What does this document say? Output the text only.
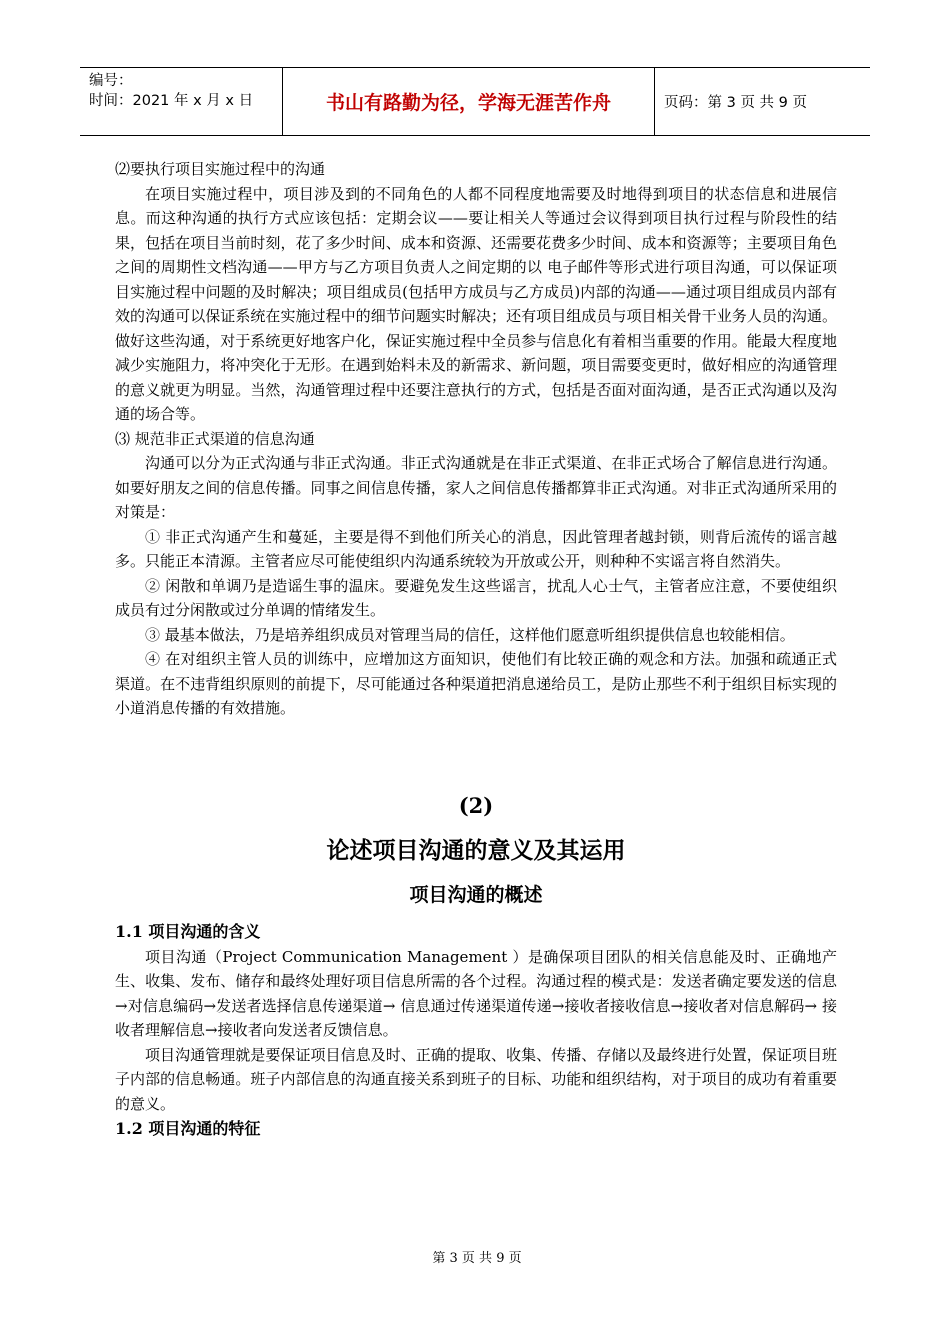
编号：
时间：2021 年 x 月 x 日	书山有路勤为径，学海无涯苦作舟	页码：第 3 页 共 9 页

⑵要执行项目实施过程中的沟通

在项目实施过程中，项目涉及到的不同角色的人都不同程度地需要及时地得到项目的状态信息和进展信息。而这种沟通的执行方式应该包括：定期会议——要让相关人等通过会议得到项目执行过程与阶段性的结果，包括在项目当前时刻，花了多少时间、成本和资源、还需要花费多少时间、成本和资源等；主要项目角色之间的周期性文档沟通——甲方与乙方项目负责人之间定期的以 电子邮件等形式进行项目沟通，可以保证项目实施过程中问题的及时解决；项目组成员(包括甲方成员与乙方成员)内部的沟通——通过项目组成员内部有效的沟通可以保证系统在实施过程中的细节问题实时解决；还有项目组成员与项目相关骨干业务人员的沟通。做好这些沟通，对于系统更好地客户化，保证实施过程中全员参与信息化有着相当重要的作用。能最大程度地减少实施阻力，将冲突化于无形。在遇到始料未及的新需求、新问题，项目需要变更时，做好相应的沟通管理的意义就更为明显。当然，沟通管理过程中还要注意执行的方式，包括是否面对面沟通，是否正式沟通以及沟通的场合等。

⑶ 规范非正式渠道的信息沟通

沟通可以分为正式沟通与非正式沟通。非正式沟通就是在非正式渠道、在非正式场合了解信息进行沟通。如要好朋友之间的信息传播。同事之间信息传播，家人之间信息传播都算非正式沟通。对非正式沟通所采用的对策是：

① 非正式沟通产生和蔓延，主要是得不到他们所关心的消息，因此管理者越封锁，则背后流传的谣言越多。只能正本清源。主管者应尽可能使组织内沟通系统较为开放或公开，则种种不实谣言将自然消失。

② 闲散和单调乃是造谣生事的温床。要避免发生这些谣言，扰乱人心士气，主管者应注意，不要使组织成员有过分闲散或过分单调的情绪发生。

③ 最基本做法，乃是培养组织成员对管理当局的信任，这样他们愿意听组织提供信息也较能相信。

④ 在对组织主管人员的训练中，应增加这方面知识，使他们有比较正确的观念和方法。加强和疏通正式渠道。在不违背组织原则的前提下，尽可能通过各种渠道把消息递给员工，是防止那些不利于组织目标实现的小道消息传播的有效措施。

(2)
论述项目沟通的意义及其运用
项目沟通的概述
1.1 项目沟通的含义

项目沟通（Project Communication Management ）是确保项目团队的相关信息能及时、正确地产生、收集、发布、储存和最终处理好项目信息所需的各个过程。沟通过程的模式是：发送者确定要发送的信息→对信息编码→发送者选择信息传递渠道→ 信息通过传递渠道传递→接收者接收信息→接收者对信息解码→ 接收者理解信息→接收者向发送者反馈信息。

项目沟通管理就是要保证项目信息及时、正确的提取、收集、传播、存储以及最终进行处置，保证项目班子内部的信息畅通。班子内部信息的沟通直接关系到班子的目标、功能和组织结构，对于项目的成功有着重要的意义。

1.2 项目沟通的特征
第 3 页 共 9 页
